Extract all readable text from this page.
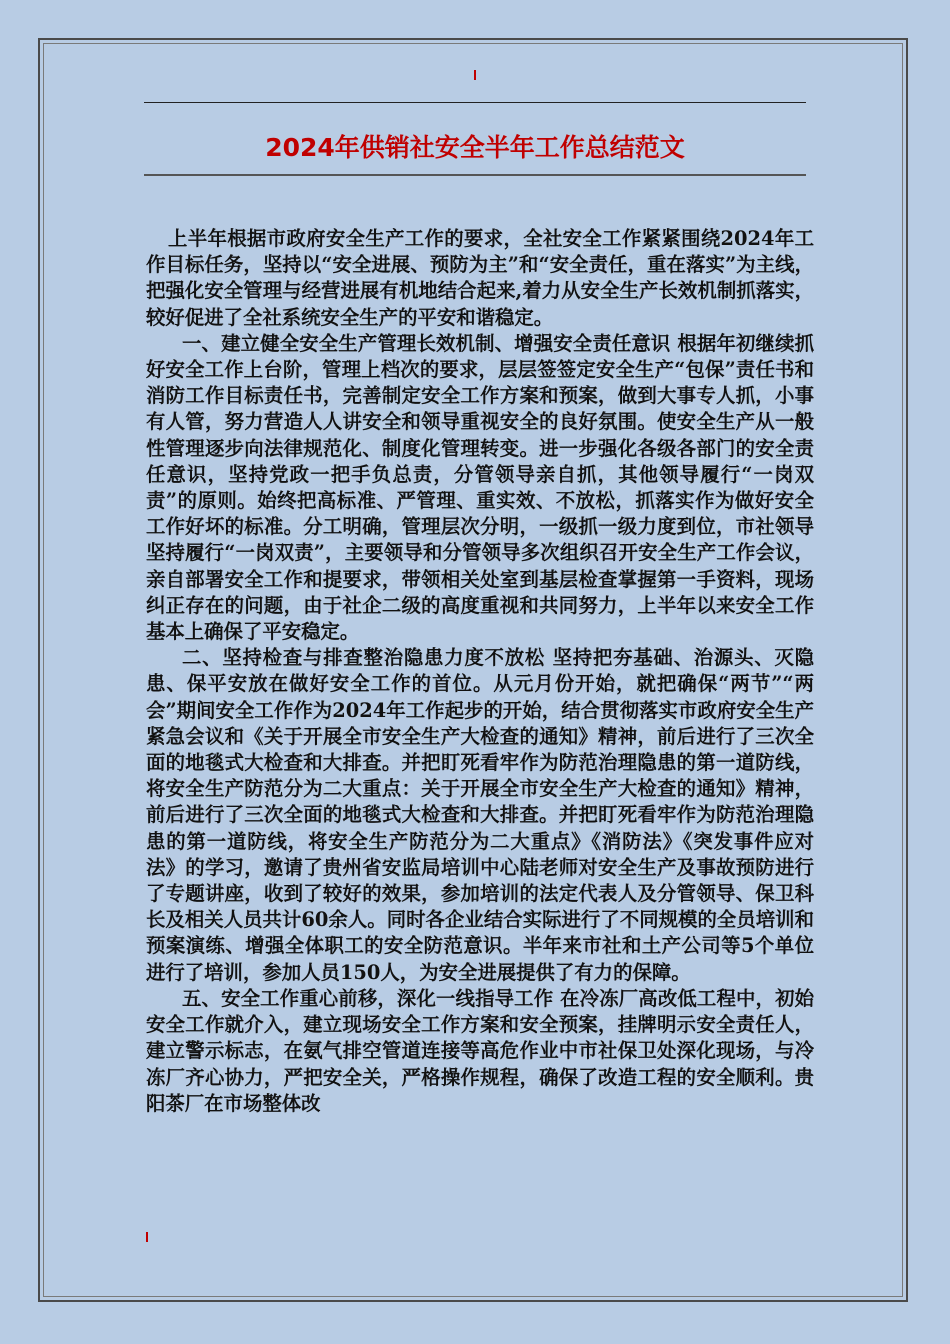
2024年供销社安全半年工作总结范文

上半年根据市政府安全生产工作的要求，全社安全工作紧紧围绕2024年工作目标任务，坚持以“安全进展、预防为主”和“安全责任，重在落实”为主线，把强化安全管理与经营进展有机地结合起来,着力从安全生产长效机制抓落实，较好促进了全社系统安全生产的平安和谐稳定。

一、建立健全安全生产管理长效机制、增强安全责任意识 根据年初继续抓好安全工作上台阶，管理上档次的要求，层层签签定安全生产“包保”责任书和消防工作目标责任书，完善制定安全工作方案和预案，做到大事专人抓，小事有人管，努力营造人人讲安全和领导重视安全的良好氛围。使安全生产从一般性管理逐步向法律规范化、制度化管理转变。进一步强化各级各部门的安全责任意识，坚持党政一把手负总责，分管领导亲自抓，其他领导履行“一岗双责”的原则。始终把高标准、严管理、重实效、不放松，抓落实作为做好安全工作好坏的标准。分工明确，管理层次分明，一级抓一级力度到位，市社领导坚持履行“一岗双责”，主要领导和分管领导多次组织召开安全生产工作会议，亲自部署安全工作和提要求，带领相关处室到基层检查掌握第一手资料，现场纠正存在的问题，由于社企二级的高度重视和共同努力，上半年以来安全工作基本上确保了平安稳定。

二、坚持检查与排查整治隐患力度不放松 坚持把夯基础、治源头、灭隐患、保平安放在做好安全工作的首位。从元月份开始，就把确保“两节”“两会”期间安全工作作为2024年工作起步的开始，结合贯彻落实市政府安全生产紧急会议和《关于开展全市安全生产大检查的通知》精神，前后进行了三次全面的地毯式大检查和大排查。并把盯死看牢作为防范治理隐患的第一道防线，将安全生产防范分为二大重点：关于开展全市安全生产大检查的通知》精神，前后进行了三次全面的地毯式大检查和大排查。并把盯死看牢作为防范治理隐患的第一道防线，将安全生产防范分为二大重点》《消防法》《突发事件应对法》的学习，邀请了贵州省安监局培训中心陆老师对安全生产及事故预防进行了专题讲座，收到了较好的效果，参加培训的法定代表人及分管领导、保卫科长及相关人员共计60余人。同时各企业结合实际进行了不同规模的全员培训和预案演练、增强全体职工的安全防范意识。半年来市社和土产公司等5个单位进行了培训，参加人员150人，为安全进展提供了有力的保障。

五、安全工作重心前移，深化一线指导工作 在冷冻厂高改低工程中，初始安全工作就介入，建立现场安全工作方案和安全预案，挂牌明示安全责任人，建立警示标志，在氨气排空管道连接等高危作业中市社保卫处深化现场，与冷冻厂齐心协力，严把安全关，严格操作规程，确保了改造工程的安全顺利。贵阳茶厂在市场整体改
